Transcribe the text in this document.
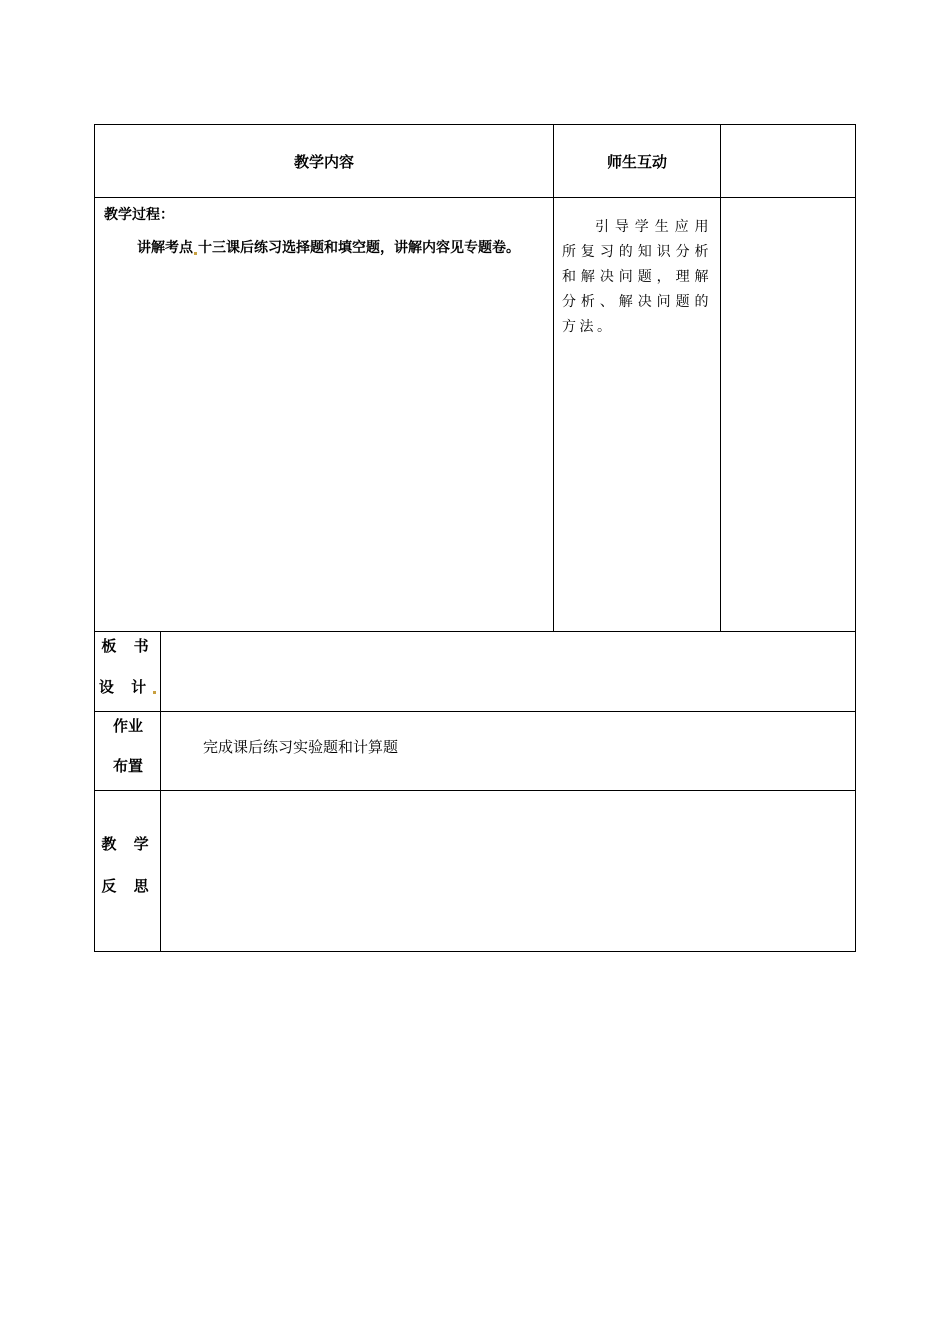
教学内容	师生互动
教学过程：
讲解考点 十三课后练习选择题和填空题，讲解内容见专题卷。
引导学生应用所复习的知识分析和解决问题，理解分析、解决问题的方法。
板 书
设 计
作业
布置
完成课后练习实验题和计算题
教 学
反 思
